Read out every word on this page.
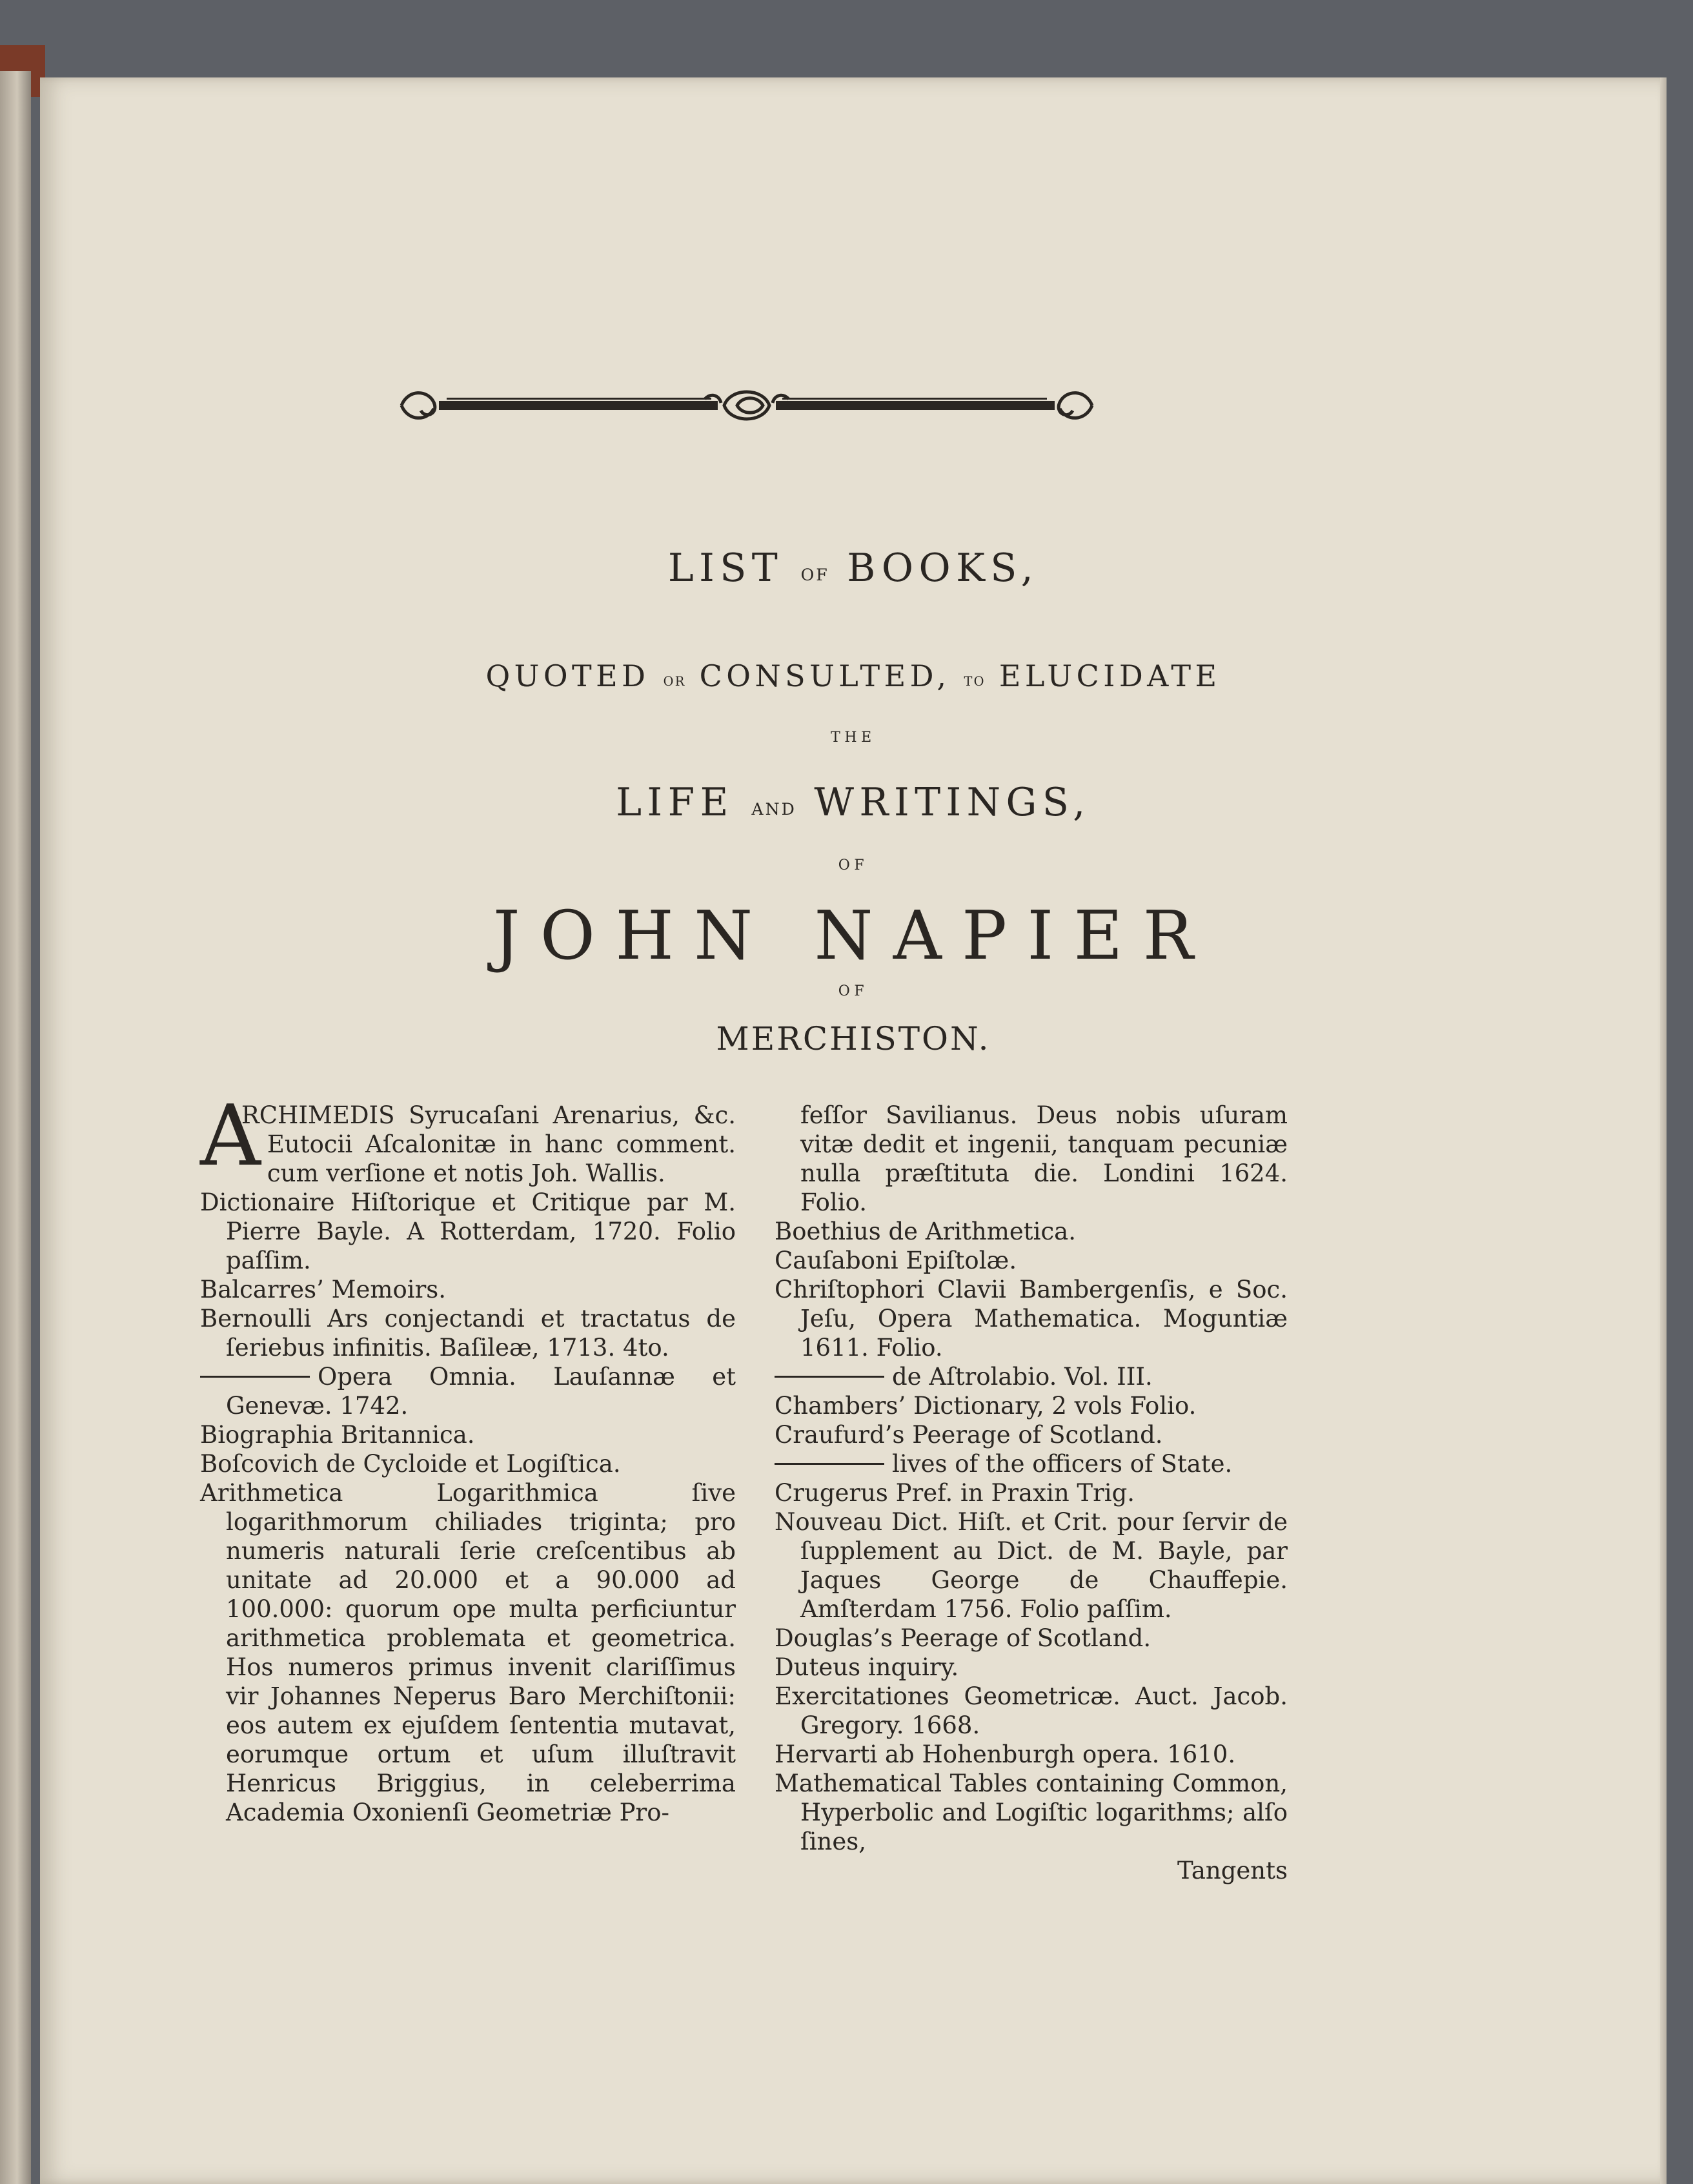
LIST OF BOOKS,
QUOTED OR CONSULTED, TO ELUCIDATE
THE
LIFE AND WRITINGS,
OF
JOHN NAPIER
OF
MERCHISTON.

A
RCHIMEDIS Syrucaſani Arenarius, &c. Eutocii Aſcalonitæ in hanc comment. cum verſione et notis Joh. Wallis.

Dictionaire Hiſtorique et Critique par M. Pierre Bayle. A Rotterdam, 1720. Folio paſſim.

Balcarres’ Memoirs.

Bernoulli Ars conjectandi et tractatus de ſeriebus infinitis. Baſileæ, 1713. 4to.

Opera Omnia. Lauſannæ et Genevæ. 1742.

Biographia Britannica.

Boſcovich de Cycloide et Logiſtica.

Arithmetica Logarithmica ſive logarithmorum chiliades triginta; pro numeris naturali ſerie creſcentibus ab unitate ad 20.000 et a 90.000 ad 100.000: quorum ope multa perficiuntur arithmetica problemata et geometrica. Hos numeros primus invenit clariſſimus vir Johannes Neperus Baro Merchiſtonii: eos autem ex ejuſdem ſententia mutavat, eorumque ortum et uſum illuſtravit Henricus Briggius, in celeberrima Academia Oxonienſi Geometriæ Pro-

feſſor Savilianus. Deus nobis uſuram vitæ dedit et ingenii, tanquam pecuniæ nulla præſtituta die. Londini 1624. Folio.

Boethius de Arithmetica.

Cauſaboni Epiſtolæ.

Chriſtophori Clavii Bambergenſis, e Soc. Jeſu, Opera Mathematica. Moguntiæ 1611. Folio.

de Aſtrolabio. Vol. III.

Chambers’ Dictionary, 2 vols Folio.

Craufurd’s Peerage of Scotland.

lives of the officers of State.

Crugerus Pref. in Praxin Trig.

Nouveau Dict. Hiſt. et Crit. pour ſervir de ſupplement au Dict. de M. Bayle, par Jaques George de Chauffepie. Amſterdam 1756. Folio paſſim.

Douglas’s Peerage of Scotland.

Duteus inquiry.

Exercitationes Geometricæ. Auct. Jacob. Gregory. 1668.

Hervarti ab Hohenburgh opera. 1610.

Mathematical Tables containing Common, Hyperbolic and Logiſtic logarithms; alſo ſines,

Tangents
